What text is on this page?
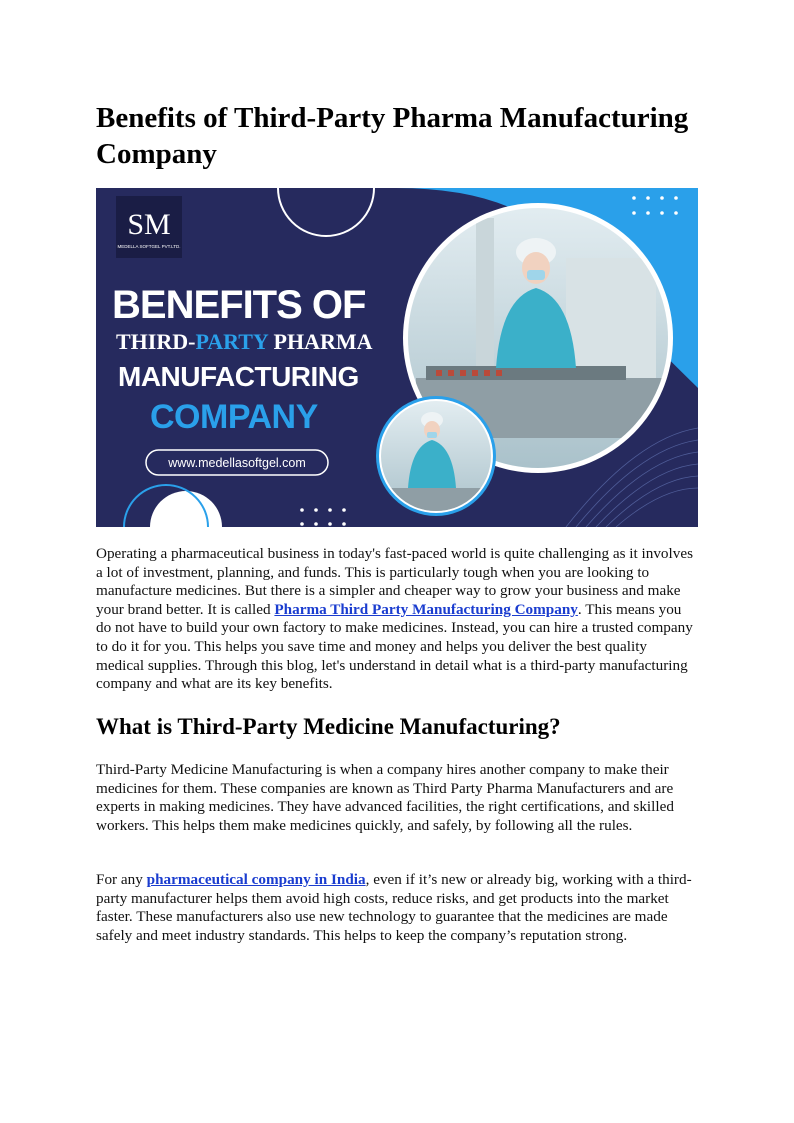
Benefits of Third-Party Pharma Manufacturing Company
SM
MEDELLA SOFTGEL PVT.LTD.
BENEFITS OF
THIRD-PARTY PHARMA
MANUFACTURING
COMPANY
www.medellasoftgel.com

Operating a pharmaceutical business in today's fast-paced world is quite challenging as it involves a lot of investment, planning, and funds. This is particularly tough when you are looking to manufacture medicines. But there is a simpler and cheaper way to grow your business and make your brand better. It is called Pharma Third Party Manufacturing Company. This means you do not have to build your own factory to make medicines. Instead, you can hire a trusted company to do it for you. This helps you save time and money and helps you deliver the best quality medical supplies. Through this blog, let's understand in detail what is a third-party manufacturing company and what are its key benefits.

What is Third-Party Medicine Manufacturing?

Third-Party Medicine Manufacturing is when a company hires another company to make their medicines for them. These companies are known as Third Party Pharma Manufacturers and are experts in making medicines. They have advanced facilities, the right certifications, and skilled workers. This helps them make medicines quickly, and safely, by following all the rules.

For any pharmaceutical company in India, even if it’s new or already big, working with a third-party manufacturer helps them avoid high costs, reduce risks, and get products into the market faster. These manufacturers also use new technology to guarantee that the medicines are made safely and meet industry standards. This helps to keep the company’s reputation strong.
